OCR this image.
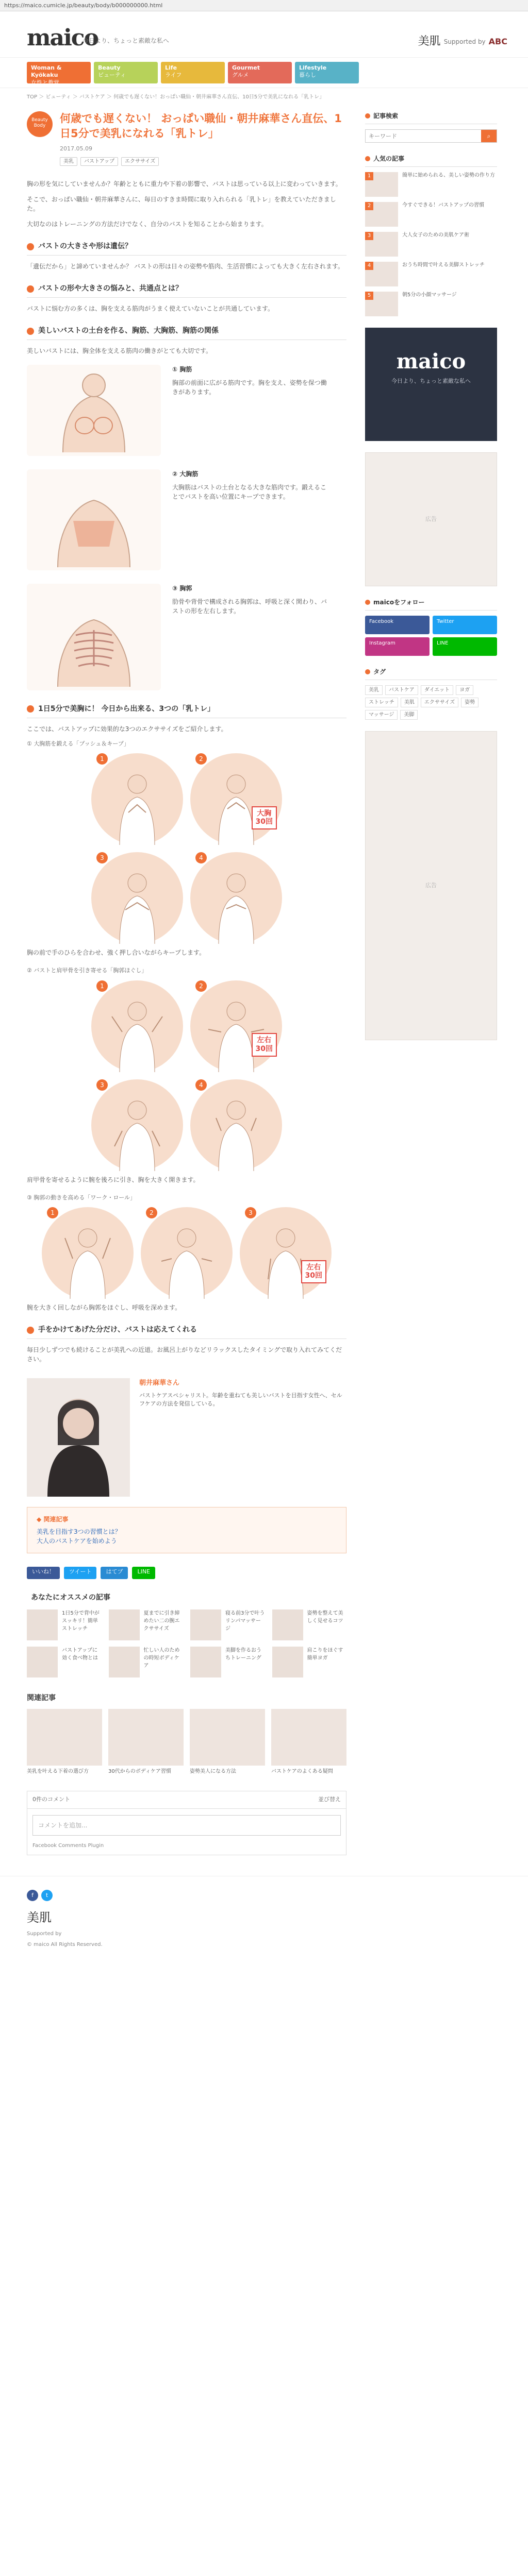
https://maico.cumicle.jp/beauty/body/b000000000.html
maico
今日より、ちょっと素敵な私へ	美肌 Supported by ABC
Woman & Kyökaku
女性と教覚
Beauty
ビューティ
Life
ライフ
Gourmet
グルメ
Lifestyle
暮らし
TOP ＞ ビューティ ＞ バストケア ＞ 何歳でも遅くない！おっぱい職仙・朝井麻華さん直伝、10日5分で美乳になれる「乳トレ」
Beauty
Body
何歳でも遅くない！ おっぱい職仙・朝井麻華さん直伝、1日5分で美乳になれる「乳トレ」
2017.05.09
美乳	バストアップ	エクササイズ

胸の形を気にしていませんか？年齢とともに重力や下着の影響で、バストは思っている以上に変わっていきます。

そこで、おっぱい職仙・朝井麻華さんに、毎日のすきま時間に取り入れられる「乳トレ」を教えていただきました。

大切なのはトレーニングの方法だけでなく、自分のバストを知ることから始まります。

バストの大きさや形は遺伝？

「遺伝だから」と諦めていませんか？ バストの形は日々の姿勢や筋肉、生活習慣によっても大きく左右されます。

バストの形や大きさの悩みと、共通点とは？

バストに悩む方の多くは、胸を支える筋肉がうまく使えていないことが共通しています。

美しいバストの土台を作る、胸筋、大胸筋、胸筋の関係

美しいバストには、胸全体を支える筋肉の働きがとても大切です。

① 胸筋
胸部の前面に広がる筋肉です。胸を支え、姿勢を保つ働きがあります。
② 大胸筋
大胸筋はバストの土台となる大きな筋肉です。鍛えることでバストを高い位置にキープできます。
③ 胸郭
肋骨や背骨で構成される胸郭は、呼吸と深く関わり、バストの形を左右します。
1日5分で美胸に！ 今日から出来る、3つの「乳トレ」

ここでは、バストアップに効果的な3つのエクササイズをご紹介します。

① 大胸筋を鍛える「プッシュ＆キープ」
1	2
大胸
30回
3	4

胸の前で手のひらを合わせ、強く押し合いながらキープします。

② バストと肩甲骨を引き寄せる「胸郭ほぐし」
1	2
左右
30回
3	4

肩甲骨を寄せるように腕を後ろに引き、胸を大きく開きます。

③ 胸郭の動きを高める「ワーク・ロール」
1	2	3
左右
30回

腕を大きく回しながら胸郭をほぐし、呼吸を深めます。

手をかけてあげた分だけ、バストは応えてくれる

毎日少しずつでも続けることが美乳への近道。お風呂上がりなどリラックスしたタイミングで取り入れてみてください。

朝井麻華さん
バストケアスペシャリスト。年齢を重ねても美しいバストを目指す女性へ、セルフケアの方法を発信している。
◆ 関連記事
美乳を目指す3つの習慣とは？
大人のバストケアを始めよう
いいね！	ツイート	はてブ	LINE
あなたにオススメの記事
1日5分で背中がスッキリ！簡単ストレッチ
夏までに引き締めたい二の腕エクササイズ
寝る前3分で叶うリンパマッサージ
姿勢を整えて美しく見せるコツ
バストアップに効く食べ物とは
忙しい人のための時短ボディケア
美脚を作るおうちトレーニング
肩こりをほぐす簡単ヨガ
関連記事
美乳を叶える下着の選び方	30代からのボディケア習慣	姿勢美人になる方法	バストケアのよくある疑問
0件のコメント	並び替え
コメントを追加...
Facebook Comments Plugin
記事検索
キーワード
⌕
人気の記事
1	簡単に始められる、美しい姿勢の作り方
2	今すぐできる！バストアップの習慣
3	大人女子のための美肌ケア術
4	おうち時間で叶える美脚ストレッチ
5	朝5分の小顔マッサージ
maico
今日より、ちょっと素敵な私へ
広告
maicoをフォロー
Facebook	Twitter
Instagram	LINE
タグ
美乳	バストケア	ダイエット	ヨガ
ストレッチ	美肌	エクササイズ	姿勢
マッサージ	美脚
広告
f	t
美肌
Supported by
© maico All Rights Reserved.
